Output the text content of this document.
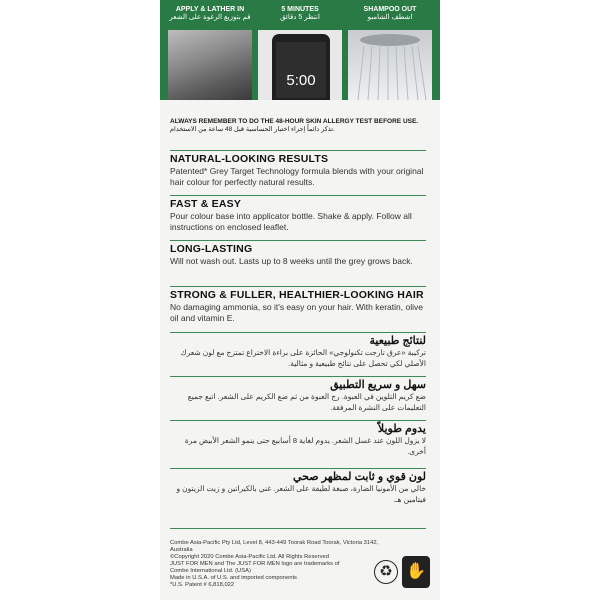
APPLY & LATHER IN
قم بتوزيع الرغوة على الشعر
5 MINUTES
انتظر 5 دقائق
SHAMPOO OUT
اشطف الشامبو
5:00
ALWAYS REMEMBER TO DO THE 48-HOUR SKIN ALLERGY TEST BEFORE USE.
تذكر دائماً إجراء اختبار الحساسية قبل 48 ساعة من الاستخدام.
NATURAL-LOOKING RESULTS
Patented* Grey Target Technology formula blends with your original hair colour for perfectly natural results.
FAST & EASY
Pour colour base into applicator bottle. Shake & apply. Follow all instructions on enclosed leaflet.
LONG-LASTING
Will not wash out. Lasts up to 8 weeks until the grey grows back.
STRONG & FULLER, HEALTHIER-LOOKING HAIR
No damaging ammonia, so it's easy on your hair. With keratin, olive oil and vitamin E.
لنتائج طبيعية
تركيبة «عرق تارجت تكنولوجي» الحائزة على براءة الاختراع تمتزج مع لون شعرك الأصلي لكي تحصل على نتائج طبيعية و مثالية.
سهل و سريع التطبيق
ضع كريم التلوين في العبوة. رج العبوة من ثم ضع الكريم على الشعر. اتبع جميع التعليمات على النشرة المرفقة.
يدوم طويلاً
لا يزول اللون عند غسل الشعر. يدوم لغاية 8 أسابيع حتى ينمو الشعر الأبيض مرة أخرى.
لون قوي و ثابت لمظهر صحي
خالي من الأمونيا الضارة، صبغة لطيفة على الشعر. غني بالكيراتين و زيت الزيتون و فيتامين هـ.
Combe Asia-Pacific Pty Ltd, Level 8, 443-449 Toorak Road Toorak, Victoria 3142, Australia
©Copyright 2020 Combe Asia-Pacific Ltd. All Rights Reserved
JUST FOR MEN and The JUST FOR MEN logo are trademarks of
Combe International Ltd. (USA)
Made in U.S.A. of U.S. and imported components
*U.S. Patent # 6,818,022
♻ ✋
